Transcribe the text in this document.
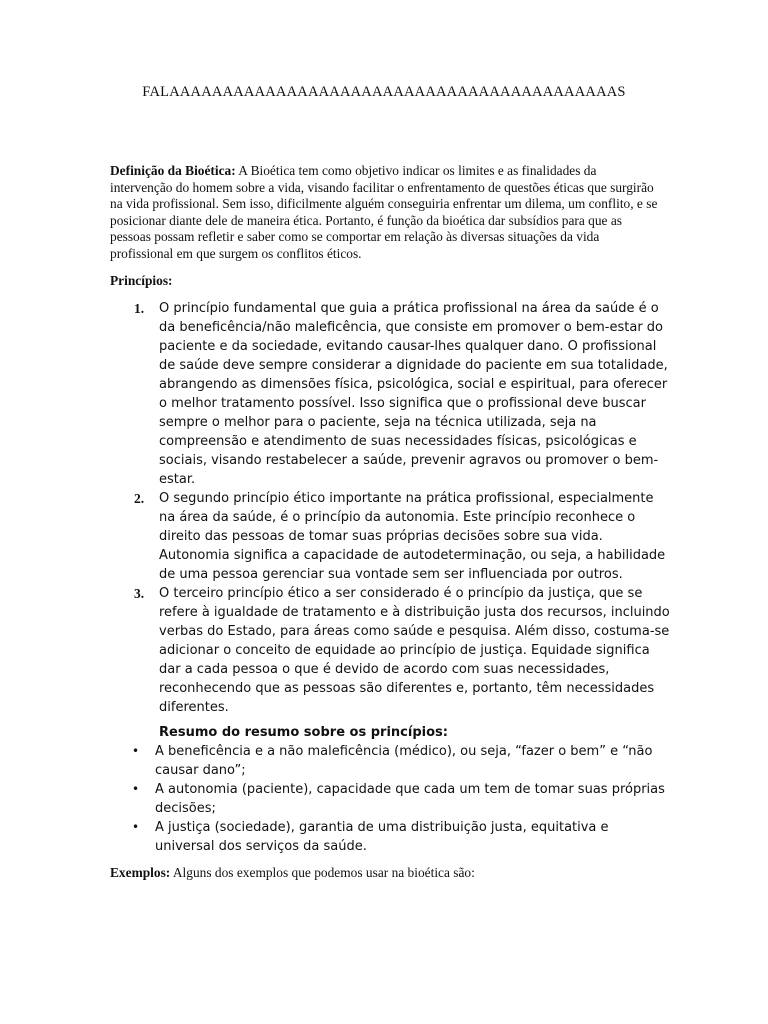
FALAAAAAAAAAAAAAAAAAAAAAAAAAAAAAAAAAAAAAAAAAAS

Definição da Bioética: A Bioética tem como objetivo indicar os limites e as finalidades da intervenção do homem sobre a vida, visando facilitar o enfrentamento de questões éticas que surgirão na vida profissional. Sem isso, dificilmente alguém conseguiria enfrentar um dilema, um conflito, e se posicionar diante dele de maneira ética. Portanto, é função da bioética dar subsídios para que as pessoas possam refletir e saber como se comportar em relação às diversas situações da vida profissional em que surgem os conflitos éticos.

Princípios:
1. O princípio fundamental que guia a prática profissional na área da saúde é o da beneficência/não maleficência, que consiste em promover o bem-estar do paciente e da sociedade, evitando causar-lhes qualquer dano. O profissional de saúde deve sempre considerar a dignidade do paciente em sua totalidade, abrangendo as dimensões física, psicológica, social e espiritual, para oferecer o melhor tratamento possível. Isso significa que o profissional deve buscar sempre o melhor para o paciente, seja na técnica utilizada, seja na compreensão e atendimento de suas necessidades físicas, psicológicas e sociais, visando restabelecer a saúde, prevenir agravos ou promover o bem-estar.
2. O segundo princípio ético importante na prática profissional, especialmente na área da saúde, é o princípio da autonomia. Este princípio reconhece o direito das pessoas de tomar suas próprias decisões sobre sua vida. Autonomia significa a capacidade de autodeterminação, ou seja, a habilidade de uma pessoa gerenciar sua vontade sem ser influenciada por outros.
3. O terceiro princípio ético a ser considerado é o princípio da justiça, que se refere à igualdade de tratamento e à distribuição justa dos recursos, incluindo verbas do Estado, para áreas como saúde e pesquisa. Além disso, costuma-se adicionar o conceito de equidade ao princípio de justiça. Equidade significa dar a cada pessoa o que é devido de acordo com suas necessidades, reconhecendo que as pessoas são diferentes e, portanto, têm necessidades diferentes.
Resumo do resumo sobre os princípios:
• A beneficência e a não maleficência (médico), ou seja, “fazer o bem” e “não causar dano”;
• A autonomia (paciente), capacidade que cada um tem de tomar suas próprias decisões;
• A justiça (sociedade), garantia de uma distribuição justa, equitativa e universal dos serviços da saúde.

Exemplos: Alguns dos exemplos que podemos usar na bioética são:
